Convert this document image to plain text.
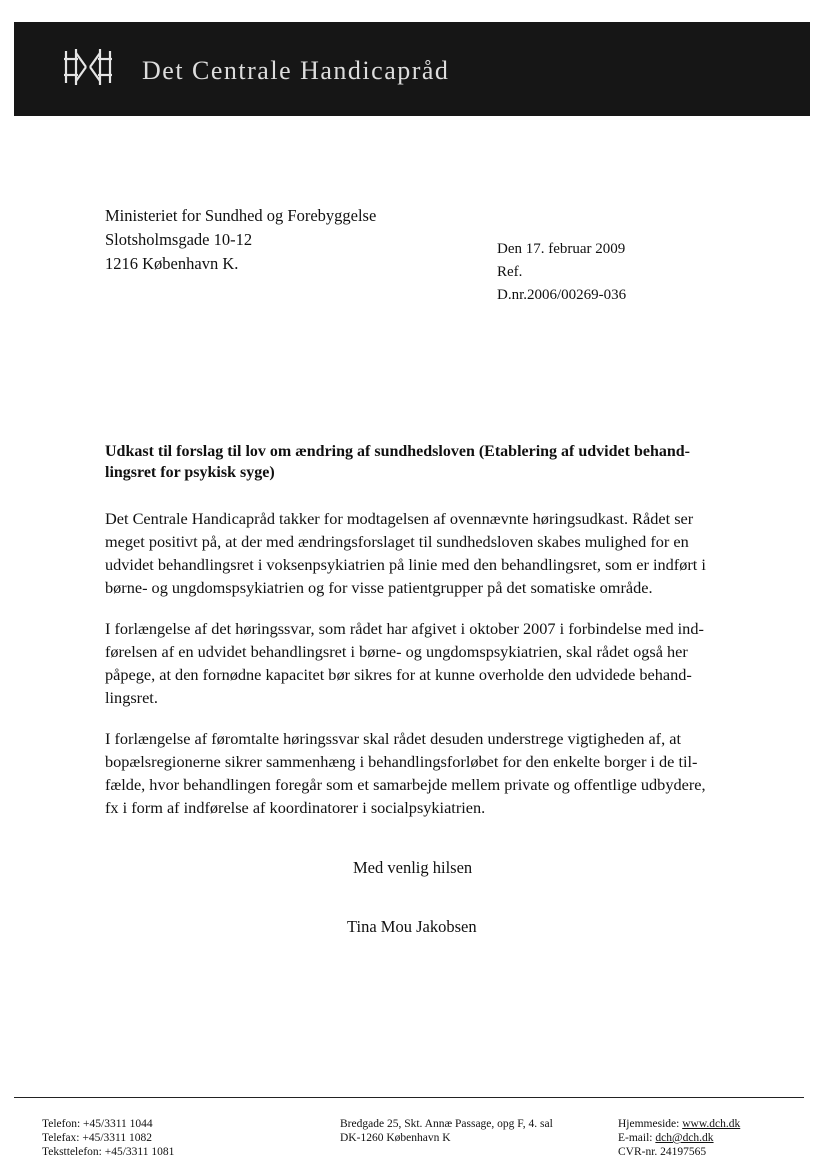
Det Centrale Handicapråd
Ministeriet for Sundhed og Forebyggelse
Slotsholmsgade 10-12
1216 København K.
Den 17. februar 2009
Ref.
D.nr.2006/00269-036
Udkast til forslag til lov om ændring af sundhedsloven (Etablering af udvidet behand-
lingsret for psykisk syge)
Det Centrale Handicapråd takker for modtagelsen af ovennævnte høringsudkast. Rådet ser
meget positivt på, at der med ændringsforslaget til sundhedsloven skabes mulighed for en
udvidet behandlingsret i voksenpsykiatrien på linie med den behandlingsret, som er indført i
børne- og ungdomspsykiatrien og for visse patientgrupper på det somatiske område.
I forlængelse af det høringssvar, som rådet har afgivet i oktober 2007 i forbindelse med ind-
førelsen af en udvidet behandlingsret i børne- og ungdomspsykiatrien, skal rådet også her
påpege, at den fornødne kapacitet bør sikres for at kunne overholde den udvidede behand-
lingsret.
I forlængelse af føromtalte høringssvar skal rådet desuden understrege vigtigheden af, at
bopælsregionerne sikrer sammenhæng i behandlingsforløbet for den enkelte borger i de til-
fælde, hvor behandlingen foregår som et samarbejde mellem private og offentlige udbydere,
fx i form af indførelse af koordinatorer i socialpsykiatrien.
Med venlig hilsen
Tina Mou Jakobsen
Telefon: +45/3311 1044
Telefax: +45/3311 1082
Teksttelefon: +45/3311 1081
Bredgade 25, Skt. Annæ Passage, opg F, 4. sal
DK-1260 København K
Hjemmeside: www.dch.dk
E-mail: dch@dch.dk
CVR-nr. 24197565
